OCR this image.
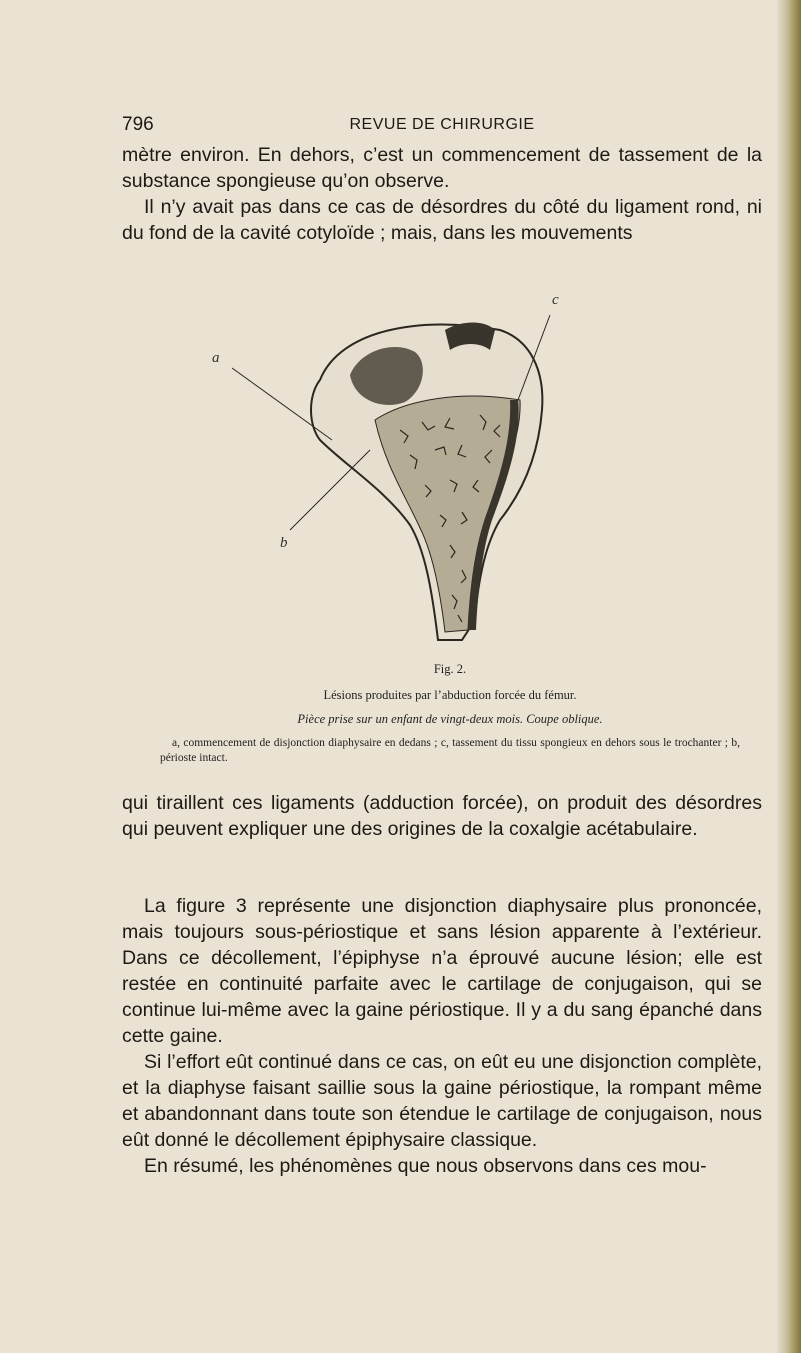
796	REVUE DE CHIRURGIE

mètre environ. En dehors, c’est un commencement de tassement de la substance spongieuse qu’on observe.

Il n’y avait pas dans ce cas de désordres du côté du ligament rond, ni du fond de la cavité cotyloïde ; mais, dans les mouvements

a
b
c
Fig. 2.
Lésions produites par l’abduction forcée du fémur.
Pièce prise sur un enfant de vingt-deux mois. Coupe oblique.
a, commencement de disjonction diaphysaire en dedans ; c, tassement du tissu spongieux en dehors sous le trochanter ; b, périoste intact.

qui tiraillent ces ligaments (adduction forcée), on produit des désordres qui peuvent expliquer une des origines de la coxalgie acétabulaire.

La figure 3 représente une disjonction diaphysaire plus prononcée, mais toujours sous-périostique et sans lésion apparente à l’extérieur. Dans ce décollement, l’épiphyse n’a éprouvé aucune lésion; elle est restée en continuité parfaite avec le cartilage de conjugaison, qui se continue lui-même avec la gaine périostique. Il y a du sang épanché dans cette gaine.

Si l’effort eût continué dans ce cas, on eût eu une disjonction complète, et la diaphyse faisant saillie sous la gaine périostique, la rompant même et abandonnant dans toute son étendue le cartilage de conjugaison, nous eût donné le décollement épiphysaire classique.

En résumé, les phénomènes que nous observons dans ces mou-
